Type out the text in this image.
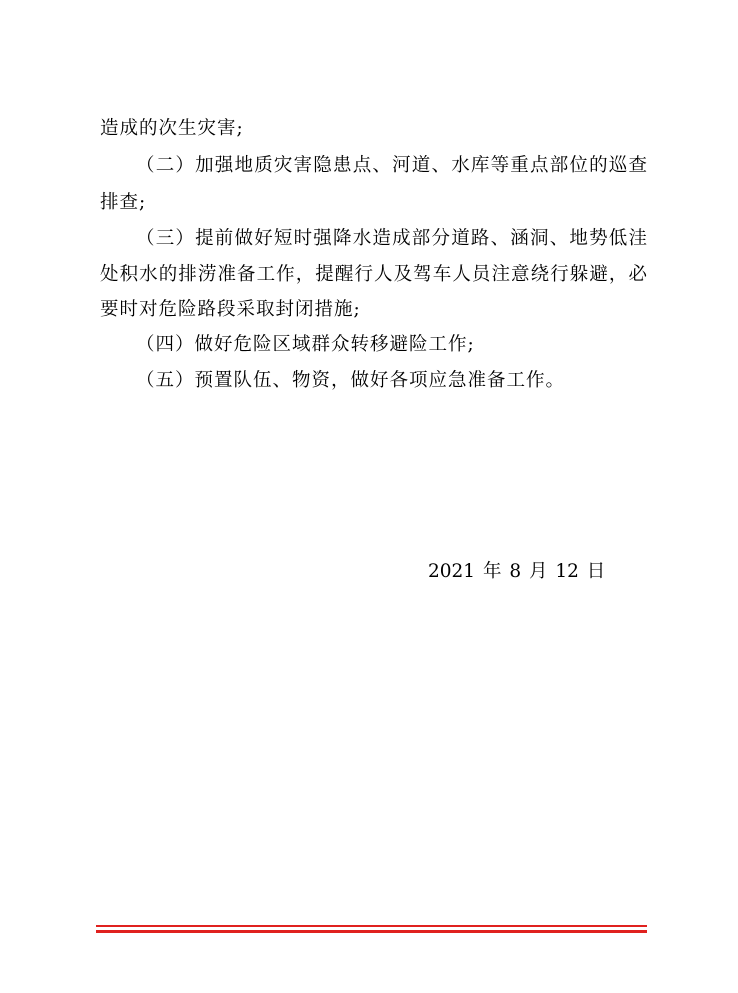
造成的次生灾害;
（二）加强地质灾害隐患点、河道、水库等重点部位的巡查
排查;
（三）提前做好短时强降水造成部分道路、涵洞、地势低洼
处积水的排涝准备工作，提醒行人及驾车人员注意绕行躲避，必
要时对危险路段采取封闭措施;
（四）做好危险区域群众转移避险工作;
（五）预置队伍、物资，做好各项应急准备工作。
2021 年 8 月 12 日
